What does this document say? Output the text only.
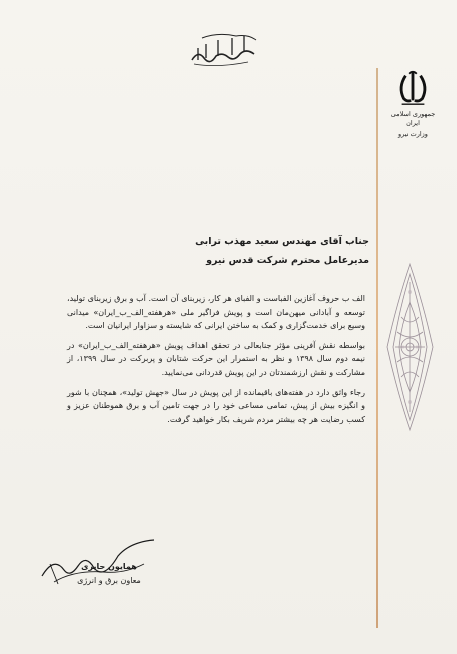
جمهوری اسلامی ایران
وزارت نیرو
جناب آقای مهندس سعید مهذب ترابی
مدیرعامل محترم شرکت قدس نیرو

الف ب حروف آغازین الفباست و الفبای هر کار، زیربنای آن است. آب و برق زیربنای تولید، توسعه و آبادانی میهن‌مان است و پویش فراگیر ملی «هرهفته_الف_ب_ایران» میدانی وسیع برای خدمت‌گزاری و کمک به ساختن ایرانی که شایسته و سزاوار ایرانیان است.

بواسطه نقش آفرینی مؤثر جنابعالی در تحقق اهداف پویش «هرهفته_الف_ب_ایران» در نیمه دوم سال ۱۳۹۸ و نظر به استمرار این حرکت شتابان و پربرکت در سال ۱۳۹۹، از مشارکت و نقش ارزشمندتان در این پویش قدردانی می‌نمایید.

رجاء واثق دارد در هفته‌های باقیمانده از این پویش در سال «جهش تولید»، همچنان با شور و انگیزه بیش از پیش، تمامی مساعی خود را در جهت تامین آب و برق هموطنان عزیز و کسب رضایت هر چه بیشتر مردم شریف بکار خواهید گرفت.

همایون حایری
معاون برق و انرژی
